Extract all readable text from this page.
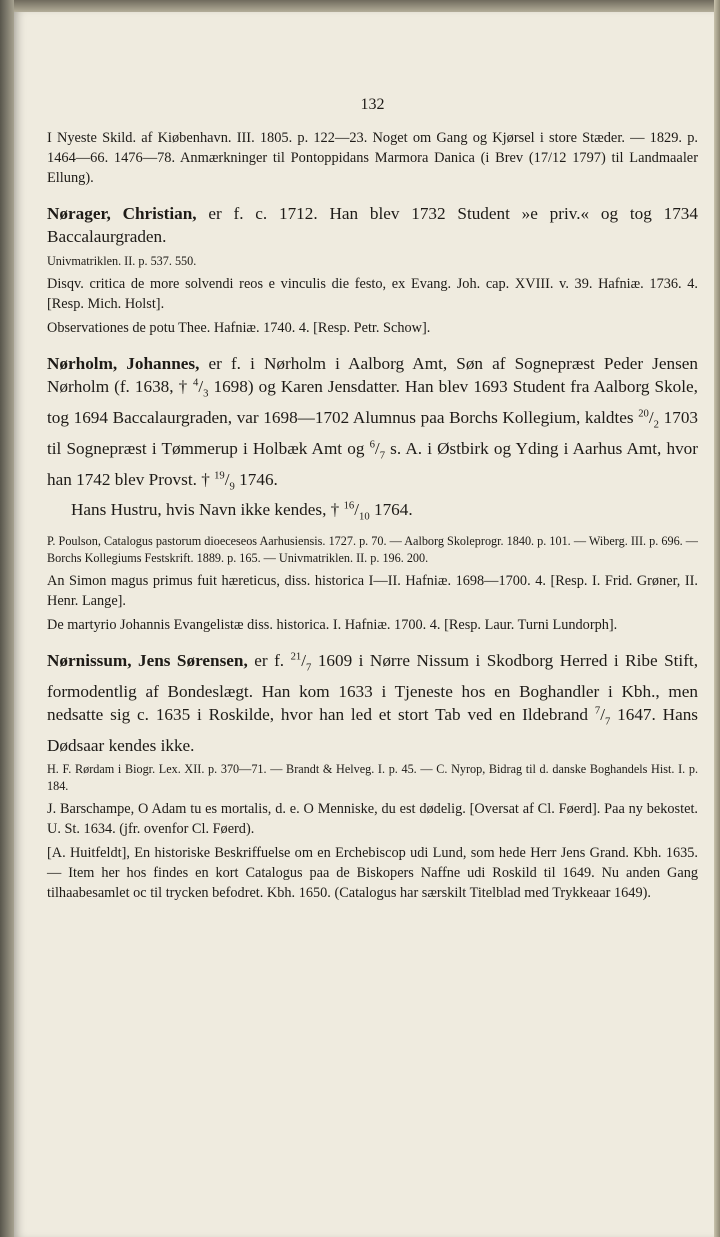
132

I Nyeste Skild. af Kiøbenhavn. III. 1805. p. 122—23. Noget om Gang og Kjørsel i store Stæder. — 1829. p. 1464—66. 1476—78. Anmærkninger til Pontoppidans Marmora Danica (i Brev (17/12 1797) til Landmaaler Ellung).

Nørager, Christian, er f. c. 1712. Han blev 1732 Student »e priv.« og tog 1734 Baccalaurgraden.

Univmatriklen. II. p. 537. 550.

Disqv. critica de more solvendi reos e vinculis die festo, ex Evang. Joh. cap. XVIII. v. 39. Hafniæ. 1736. 4. [Resp. Mich. Holst].

Observationes de potu Thee. Hafniæ. 1740. 4. [Resp. Petr. Schow].

Nørholm, Johannes, er f. i Nørholm i Aalborg Amt, Søn af Sognepræst Peder Jensen Nørholm (f. 1638, † $^4/_3$ 1698) og Karen Jensdatter. Han blev 1693 Student fra Aalborg Skole, tog 1694 Baccalaurgraden, var 1698—1702 Alumnus paa Borchs Kollegium, kaldtes $^{20}/_2$ 1703 til Sognepræst i Tømmerup i Holbæk Amt og $^6/_7$ s. A. i Østbirk og Yding i Aarhus Amt, hvor han 1742 blev Provst. † $^{19}/_9$ 1746.

Hans Hustru, hvis Navn ikke kendes, † $^{16}/_{10}$ 1764.

P. Poulson, Catalogus pastorum dioeceseos Aarhusiensis. 1727. p. 70. — Aalborg Skoleprogr. 1840. p. 101. — Wiberg. III. p. 696. — Borchs Kollegiums Festskrift. 1889. p. 165. — Univmatriklen. II. p. 196. 200.

An Simon magus primus fuit hæreticus, diss. historica I—II. Hafniæ. 1698—1700. 4. [Resp. I. Frid. Grøner, II. Henr. Lange].

De martyrio Johannis Evangelistæ diss. historica. I. Hafniæ. 1700. 4. [Resp. Laur. Turni Lundorph].

Nørnissum, Jens Sørensen, er f. $^{21}/_7$ 1609 i Nørre Nissum i Skodborg Herred i Ribe Stift, formodentlig af Bondeslægt. Han kom 1633 i Tjeneste hos en Boghandler i Kbh., men nedsatte sig c. 1635 i Roskilde, hvor han led et stort Tab ved en Ildebrand $^7/_7$ 1647. Hans Dødsaar kendes ikke.

H. F. Rørdam i Biogr. Lex. XII. p. 370—71. — Brandt & Helveg. I. p. 45. — C. Nyrop, Bidrag til d. danske Boghandels Hist. I. p. 184.

J. Barschampe, O Adam tu es mortalis, d. e. O Menniske, du est dødelig. [Oversat af Cl. Føerd]. Paa ny bekostet. U. St. 1634. (jfr. ovenfor Cl. Føerd).

[A. Huitfeldt], En historiske Beskriffuelse om en Erchebiscop udi Lund, som hede Herr Jens Grand. Kbh. 1635. — Item her hos findes en kort Catalogus paa de Biskopers Naffne udi Roskild til 1649. Nu anden Gang tilhaabesamlet oc til trycken befodret. Kbh. 1650. (Catalogus har særskilt Titelblad med Trykkeaar 1649).
